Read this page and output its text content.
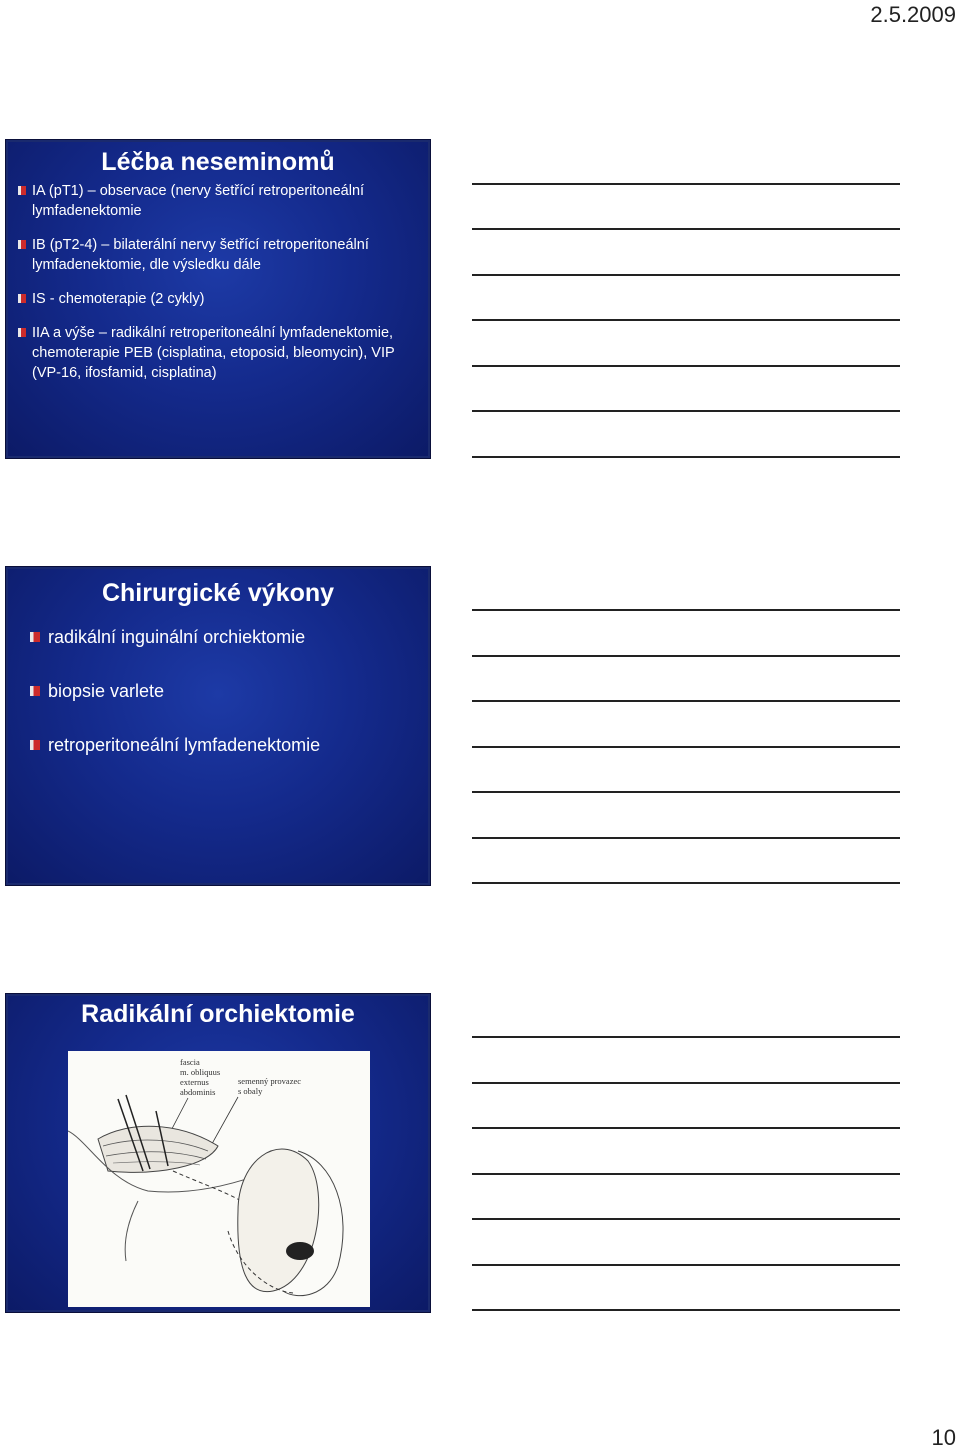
2.5.2009
Léčba neseminomů
IA (pT1) – observace (nervy šetřící retroperitoneální lymfadenektomie
IB (pT2-4) – bilaterální nervy šetřící retroperitoneální lymfadenektomie, dle výsledku dále
IS - chemoterapie (2 cykly)
IIA a výše – radikální retroperitoneální lymfadenektomie, chemoterapie PEB (cisplatina, etoposid, bleomycin), VIP (VP-16, ifosfamid, cisplatina)
Chirurgické výkony
radikální inguinální orchiektomie
biopsie varlete
retroperitoneální lymfadenektomie
Radikální orchiektomie
fascia
m. obliquus
externus
abdominis
semenný provazec
s obaly
10
